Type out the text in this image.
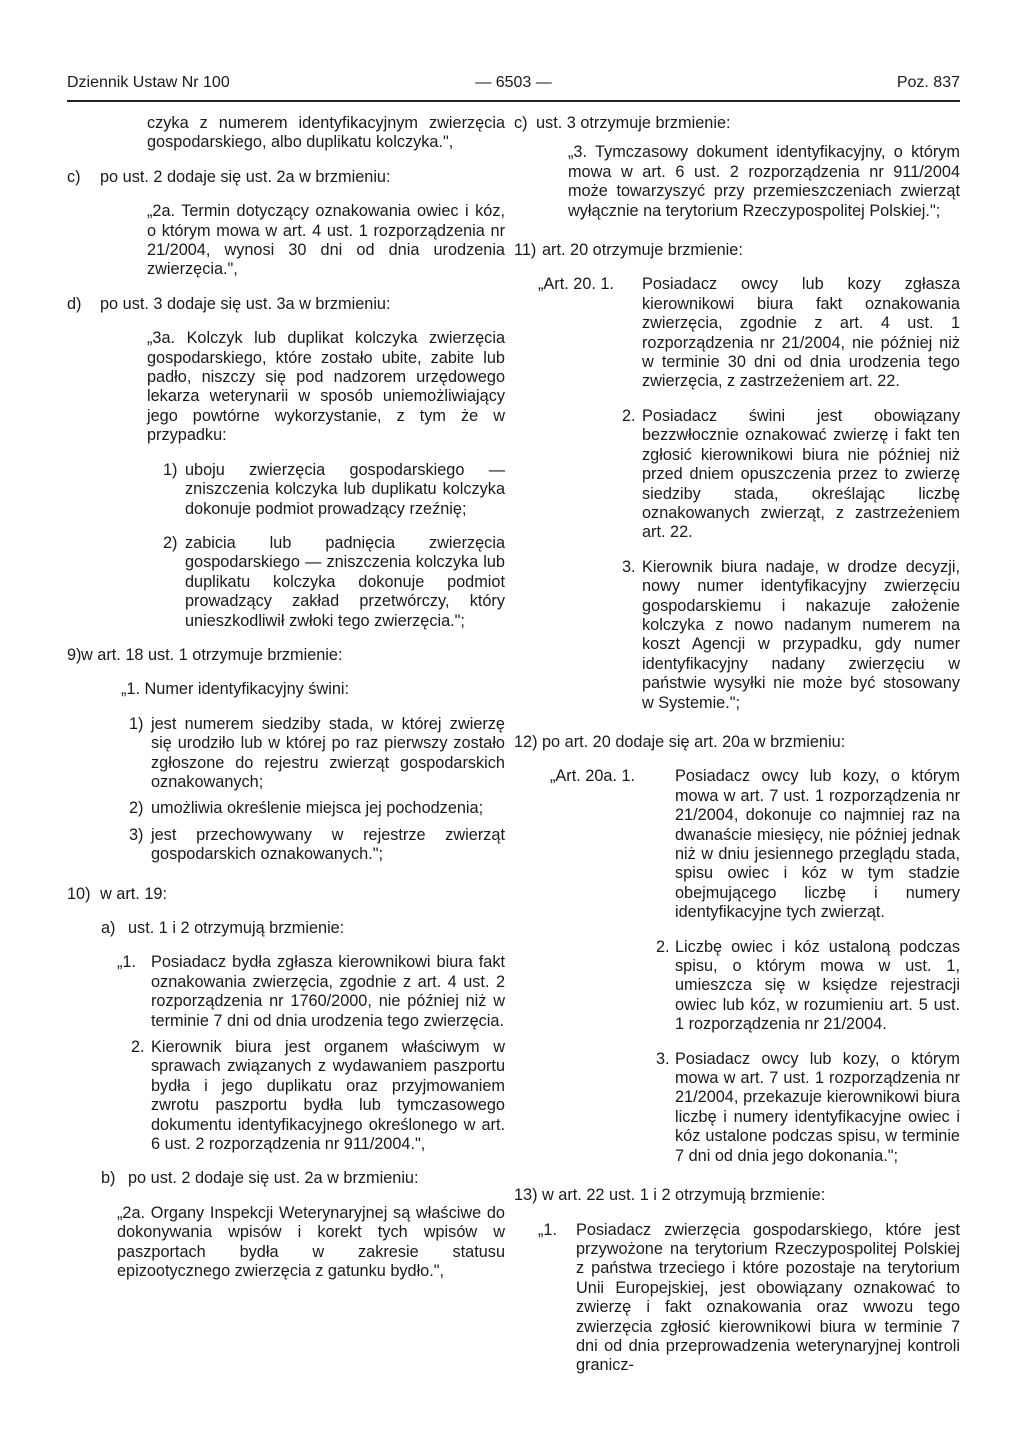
Dziennik Ustaw Nr 100	— 6503 —	Poz. 837

czyka z numerem identyfikacyjnym zwierzęcia gospodarskiego, albo duplikatu kolczyka.",

c) po ust. 2 dodaje się ust. 2a w brzmieniu:

„2a. Termin dotyczący oznakowania owiec i kóz, o którym mowa w art. 4 ust. 1 rozporządzenia nr 21/2004, wynosi 30 dni od dnia urodzenia zwierzęcia.",

d) po ust. 3 dodaje się ust. 3a w brzmieniu:

„3a. Kolczyk lub duplikat kolczyka zwierzęcia gospodarskiego, które zostało ubite, zabite lub padło, niszczy się pod nadzorem urzędowego lekarza weterynarii w sposób uniemożliwiający jego powtórne wykorzystanie, z tym że w przypadku:

1) uboju zwierzęcia gospodarskiego — zniszczenia kolczyka lub duplikatu kolczyka dokonuje podmiot prowadzący rzeźnię;

2) zabicia lub padnięcia zwierzęcia gospodarskiego — zniszczenia kolczyka lub duplikatu kolczyka dokonuje podmiot prowadzący zakład przetwórczy, który unieszkodliwił zwłoki tego zwierzęcia.";

9) w art. 18 ust. 1 otrzymuje brzmienie:

„1. Numer identyfikacyjny świni:

1) jest numerem siedziby stada, w której zwierzę się urodziło lub w której po raz pierwszy zostało zgłoszone do rejestru zwierząt gospodarskich oznakowanych;

2) umożliwia określenie miejsca jej pochodzenia;

3) jest przechowywany w rejestrze zwierząt gospodarskich oznakowanych.";

10) w art. 19:

a) ust. 1 i 2 otrzymują brzmienie:

„1. Posiadacz bydła zgłasza kierownikowi biura fakt oznakowania zwierzęcia, zgodnie z art. 4 ust. 2 rozporządzenia nr 1760/2000, nie później niż w terminie 7 dni od dnia urodzenia tego zwierzęcia.

2. Kierownik biura jest organem właściwym w sprawach związanych z wydawaniem paszportu bydła i jego duplikatu oraz przyjmowaniem zwrotu paszportu bydła lub tymczasowego dokumentu identyfikacyjnego określonego w art. 6 ust. 2 rozporządzenia nr 911/2004.",

b) po ust. 2 dodaje się ust. 2a w brzmieniu:

„2a. Organy Inspekcji Weterynaryjnej są właściwe do dokonywania wpisów i korekt tych wpisów w paszportach bydła w zakresie statusu epizootycznego zwierzęcia z gatunku bydło.",

c) ust. 3 otrzymuje brzmienie:

„3. Tymczasowy dokument identyfikacyjny, o którym mowa w art. 6 ust. 2 rozporządzenia nr 911/2004 może towarzyszyć przy przemieszczeniach zwierząt wyłącznie na terytorium Rzeczypospolitej Polskiej.";

11) art. 20 otrzymuje brzmienie:

„Art. 20. 1. Posiadacz owcy lub kozy zgłasza kierownikowi biura fakt oznakowania zwierzęcia, zgodnie z art. 4 ust. 1 rozporządzenia nr 21/2004, nie później niż w terminie 30 dni od dnia urodzenia tego zwierzęcia, z zastrzeżeniem art. 22.

2. Posiadacz świni jest obowiązany bezzwłocznie oznakować zwierzę i fakt ten zgłosić kierownikowi biura nie później niż przed dniem opuszczenia przez to zwierzę siedziby stada, określając liczbę oznakowanych zwierząt, z zastrzeżeniem art. 22.

3. Kierownik biura nadaje, w drodze decyzji, nowy numer identyfikacyjny zwierzęciu gospodarskiemu i nakazuje założenie kolczyka z nowo nadanym numerem na koszt Agencji w przypadku, gdy numer identyfikacyjny nadany zwierzęciu w państwie wysyłki nie może być stosowany w Systemie.";

12) po art. 20 dodaje się art. 20a w brzmieniu:

„Art. 20a. 1. Posiadacz owcy lub kozy, o którym mowa w art. 7 ust. 1 rozporządzenia nr 21/2004, dokonuje co najmniej raz na dwanaście miesięcy, nie później jednak niż w dniu jesiennego przeglądu stada, spisu owiec i kóz w tym stadzie obejmującego liczbę i numery identyfikacyjne tych zwierząt.

2. Liczbę owiec i kóz ustaloną podczas spisu, o którym mowa w ust. 1, umieszcza się w księdze rejestracji owiec lub kóz, w rozumieniu art. 5 ust. 1 rozporządzenia nr 21/2004.

3. Posiadacz owcy lub kozy, o którym mowa w art. 7 ust. 1 rozporządzenia nr 21/2004, przekazuje kierownikowi biura liczbę i numery identyfikacyjne owiec i kóz ustalone podczas spisu, w terminie 7 dni od dnia jego dokonania.";

13) w art. 22 ust. 1 i 2 otrzymują brzmienie:

„1. Posiadacz zwierzęcia gospodarskiego, które jest przywożone na terytorium Rzeczypospolitej Polskiej z państwa trzeciego i które pozostaje na terytorium Unii Europejskiej, jest obowiązany oznakować to zwierzę i fakt oznakowania oraz wwozu tego zwierzęcia zgłosić kierownikowi biura w terminie 7 dni od dnia przeprowadzenia weterynaryjnej kontroli granicz-
